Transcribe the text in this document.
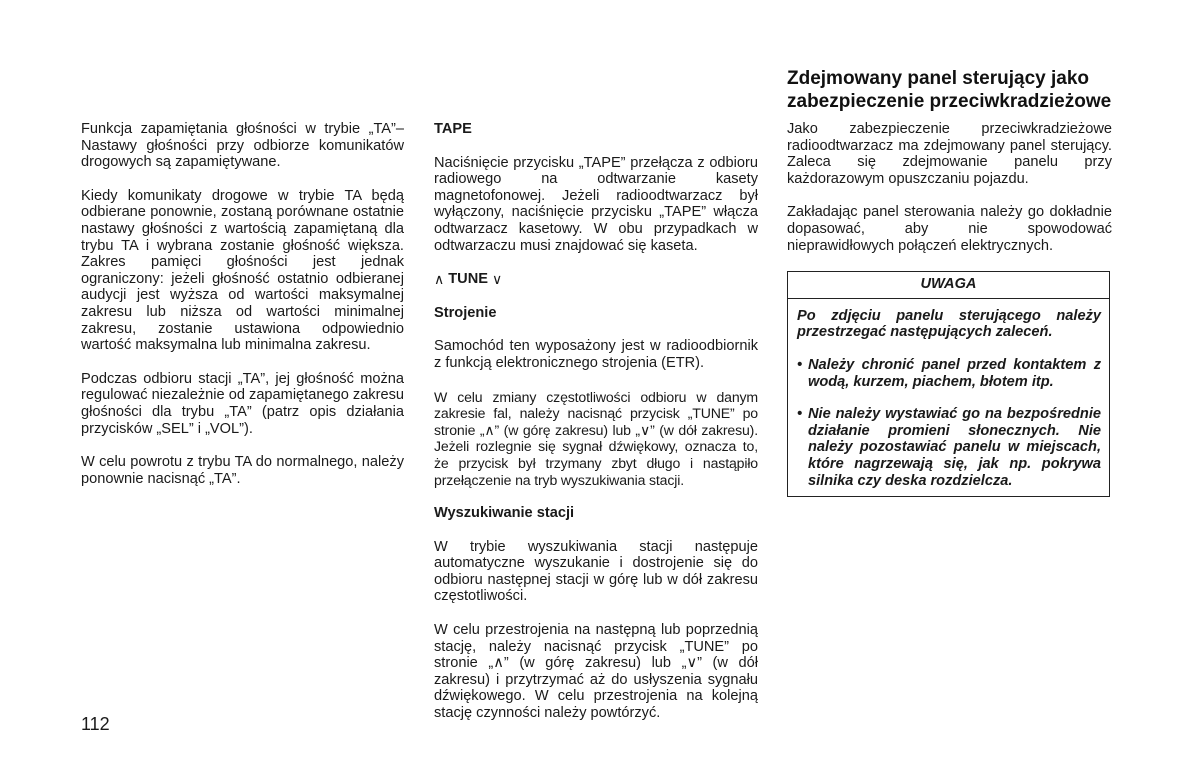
Funkcja zapamiętania głośności w trybie „TA”– Nastawy głośności przy odbiorze komunikatów drogowych są zapamiętywane.

Kiedy komunikaty drogowe w trybie TA będą odbierane ponownie, zostaną porównane ostatnie nastawy głośności z wartością zapamiętaną dla trybu TA i wybrana zostanie głośność większa. Zakres pamięci głośności jest jednak ograniczony: jeżeli głośność ostatnio odbieranej audycji jest wyższa od wartości maksymalnej zakresu lub niższa od wartości minimalnej zakresu, zostanie ustawiona odpowiednio wartość maksymalna lub minimalna zakresu.

Podczas odbioru stacji „TA”, jej głośność można regulować niezależnie od zapamiętanego zakresu głośności dla trybu „TA” (patrz opis działania przycisków „SEL” i „VOL”).

W celu powrotu z trybu TA do normalnego, należy ponownie nacisnąć „TA”.

TAPE

Naciśnięcie przycisku „TAPE” przełącza z odbioru radiowego na odtwarzanie kasety magnetofonowej. Jeżeli radioodtwarzacz był wyłączony, naciśnięcie przycisku „TAPE” włącza odtwarzacz kasetowy. W obu przypadkach w odtwarzaczu musi znajdować się kaseta.

∧ TUNE ∨
Strojenie

Samochód ten wyposażony jest w radioodbiornik z funkcją elektronicznego strojenia (ETR).

W celu zmiany częstotliwości odbioru w danym zakresie fal, należy nacisnąć przycisk „TUNE” po stronie „∧” (w górę zakresu) lub „∨” (w dół zakresu). Jeżeli rozlegnie się sygnał dźwiękowy, oznacza to, że przycisk był trzymany zbyt długo i nastąpiło przełączenie na tryb wyszukiwania stacji.

Wyszukiwanie stacji

W trybie wyszukiwania stacji następuje automatyczne wyszukanie i dostrojenie się do odbioru następnej stacji w górę lub w dół zakresu częstotliwości.

W celu przestrojenia na następną lub poprzednią stację, należy nacisnąć przycisk „TUNE” po stronie „∧” (w górę zakresu) lub „∨” (w dół zakresu) i przytrzymać aż do usłyszenia sygnału dźwiękowego. W celu przestrojenia na kolejną stację czynności należy powtórzyć.

Zdejmowany panel sterujący jako zabezpieczenie przeciwkradzieżowe

Jako zabezpieczenie przeciwkradzieżowe radioodtwarzacz ma zdejmowany panel sterujący. Zaleca się zdejmowanie panelu przy każdorazowym opuszczaniu pojazdu.

Zakładając panel sterowania należy go dokładnie dopasować, aby nie spowodować nieprawidłowych połączeń elektrycznych.

UWAGA

Po zdjęciu panelu sterującego należy przestrzegać następujących zaleceń.

• Należy chronić panel przed kontaktem z wodą, kurzem, piachem, błotem itp.
• Nie należy wystawiać go na bezpośrednie działanie promieni słonecznych. Nie należy pozostawiać panelu w miejscach, które nagrzewają się, jak np. pokrywa silnika czy deska rozdzielcza.
112
